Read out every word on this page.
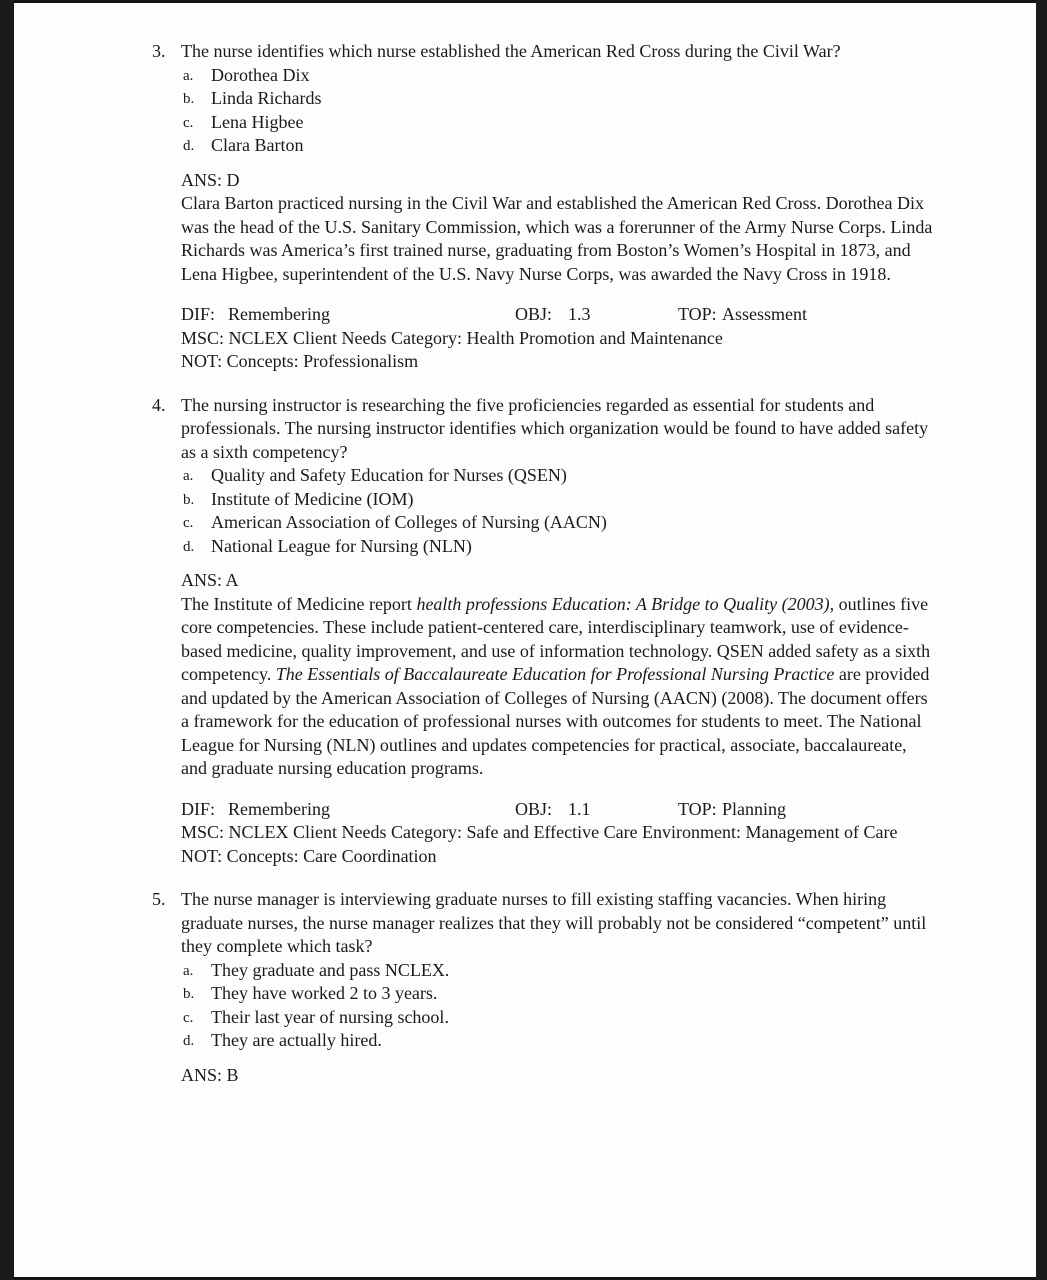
3. The nurse identifies which nurse established the American Red Cross during the Civil War?
a. Dorothea Dix
b. Linda Richards
c. Lena Higbee
d. Clara Barton
ANS: D
Clara Barton practiced nursing in the Civil War and established the American Red Cross. Dorothea Dix was the head of the U.S. Sanitary Commission, which was a forerunner of the Army Nurse Corps. Linda Richards was America’s first trained nurse, graduating from Boston’s Women’s Hospital in 1873, and Lena Higbee, superintendent of the U.S. Navy Nurse Corps, was awarded the Navy Cross in 1918.
DIF: Remembering	OBJ: 1.3	TOP: Assessment
MSC: NCLEX Client Needs Category: Health Promotion and Maintenance
NOT: Concepts: Professionalism
4. The nursing instructor is researching the five proficiencies regarded as essential for students and professionals. The nursing instructor identifies which organization would be found to have added safety as a sixth competency?
a. Quality and Safety Education for Nurses (QSEN)
b. Institute of Medicine (IOM)
c. American Association of Colleges of Nursing (AACN)
d. National League for Nursing (NLN)
ANS: A
The Institute of Medicine report health professions Education: A Bridge to Quality (2003), outlines five core competencies. These include patient-centered care, interdisciplinary teamwork, use of evidence-based medicine, quality improvement, and use of information technology. QSEN added safety as a sixth competency. The Essentials of Baccalaureate Education for Professional Nursing Practice are provided and updated by the American Association of Colleges of Nursing (AACN) (2008). The document offers a framework for the education of professional nurses with outcomes for students to meet. The National League for Nursing (NLN) outlines and updates competencies for practical, associate, baccalaureate, and graduate nursing education programs.
DIF: Remembering	OBJ: 1.1	TOP: Planning
MSC: NCLEX Client Needs Category: Safe and Effective Care Environment: Management of Care
NOT: Concepts: Care Coordination
5. The nurse manager is interviewing graduate nurses to fill existing staffing vacancies. When hiring graduate nurses, the nurse manager realizes that they will probably not be considered “competent” until they complete which task?
a. They graduate and pass NCLEX.
b. They have worked 2 to 3 years.
c. Their last year of nursing school.
d. They are actually hired.
ANS: B
